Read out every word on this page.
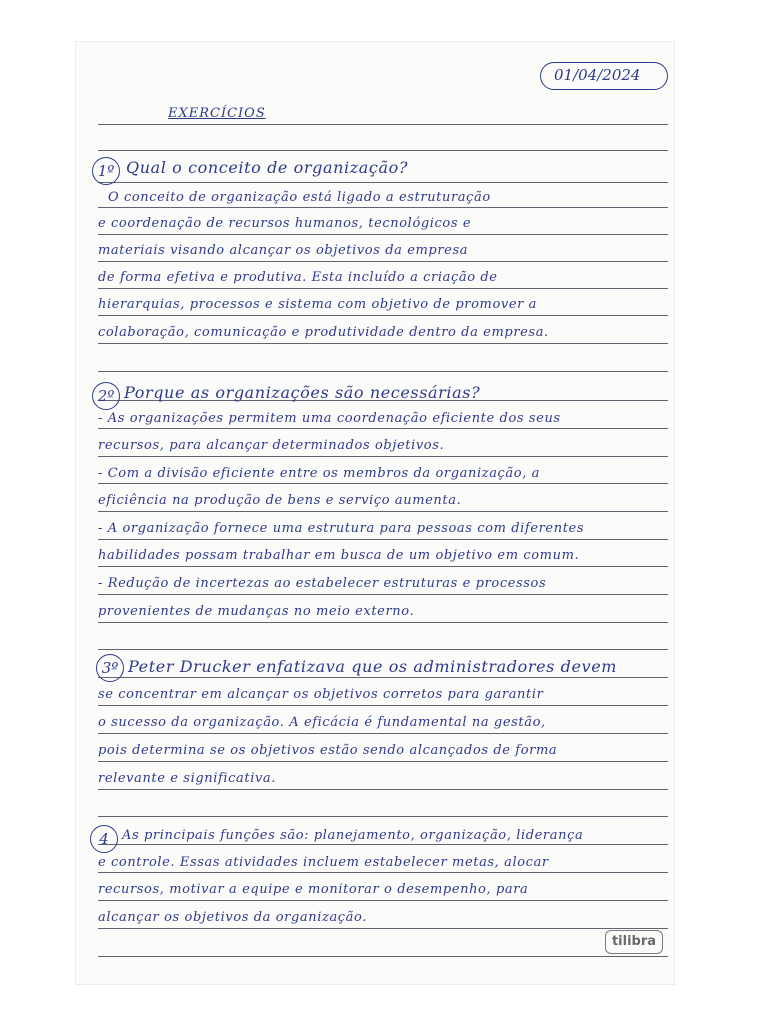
01/04/2024
EXERCÍCIOS
1º Qual o conceito de organização?
O conceito de organização está ligado a estruturação
e coordenação de recursos humanos, tecnológicos e
materiais visando alcançar os objetivos da empresa
de forma efetiva e produtiva. Esta incluído a criação de
hierarquias, processos e sistema com objetivo de promover a
colaboração, comunicação e produtividade dentro da empresa.
2º Porque as organizações são necessárias?
- As organizações permitem uma coordenação eficiente dos seus
recursos, para alcançar determinados objetivos.
- Com a divisão eficiente entre os membros da organização, a
eficiência na produção de bens e serviço aumenta.
- A organização fornece uma estrutura para pessoas com diferentes
habilidades possam trabalhar em busca de um objetivo em comum.
- Redução de incertezas ao estabelecer estruturas e processos
provenientes de mudanças no meio externo.
3º Peter Drucker enfatizava que os administradores devem
se concentrar em alcançar os objetivos corretos para garantir
o sucesso da organização. A eficácia é fundamental na gestão,
pois determina se os objetivos estão sendo alcançados de forma
relevante e significativa.
4	As principais funções são: planejamento, organização, liderança
e controle. Essas atividades incluem estabelecer metas, alocar
recursos, motivar a equipe e monitorar o desempenho, para
alcançar os objetivos da organização.
tilibra
